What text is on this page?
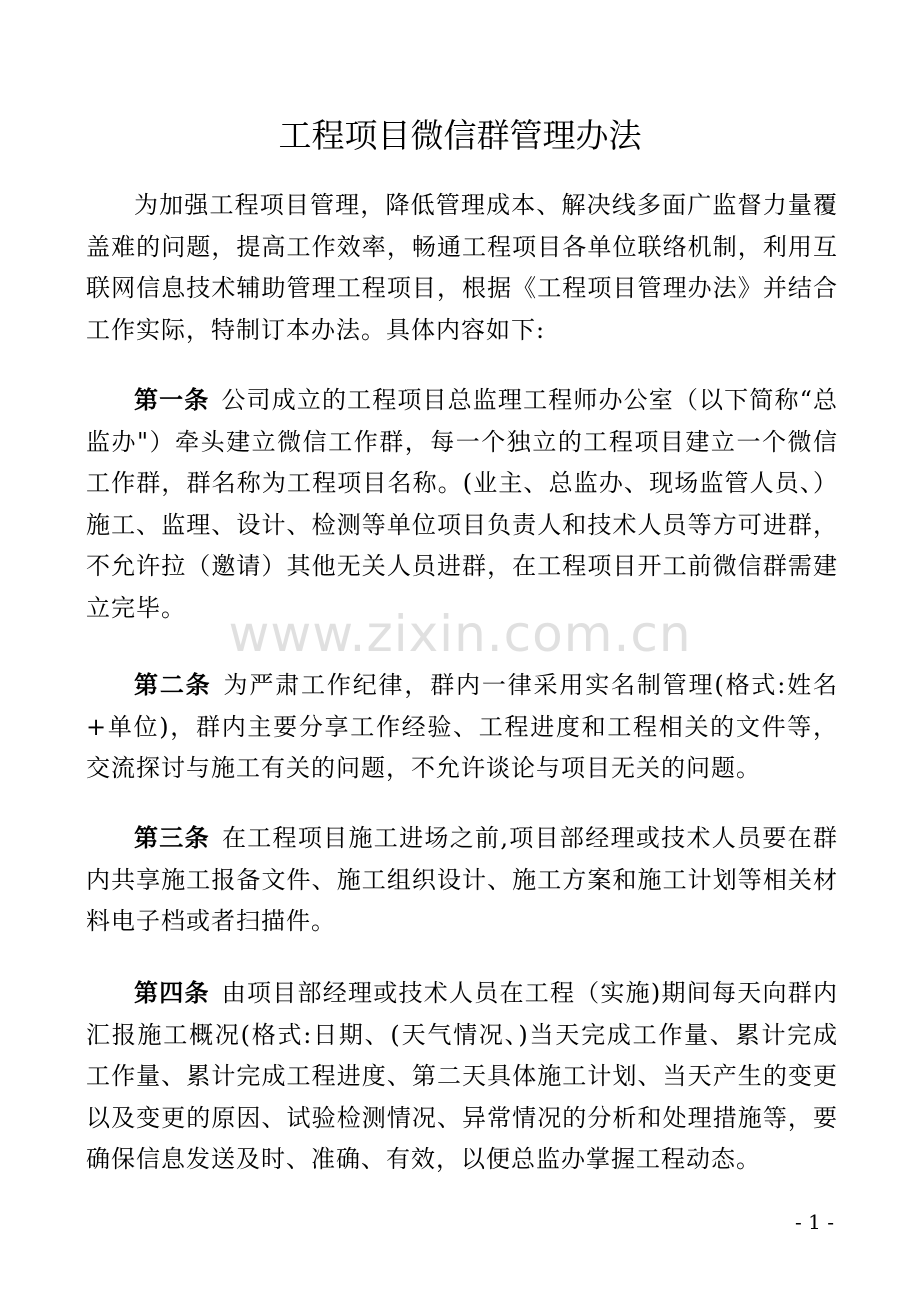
工程项目微信群管理办法

为加强工程项目管理，降低管理成本、解决线多面广监督力量覆盖难的问题，提高工作效率，畅通工程项目各单位联络机制，利用互联网信息技术辅助管理工程项目，根据《工程项目管理办法》并结合工作实际，特制订本办法。具体内容如下:

第一条 公司成立的工程项目总监理工程师办公室（以下简称“总监办"）牵头建立微信工作群，每一个独立的工程项目建立一个微信工作群，群名称为工程项目名称。(业主、总监办、现场监管人员、）施工、监理、设计、检测等单位项目负责人和技术人员等方可进群，不允许拉（邀请）其他无关人员进群，在工程项目开工前微信群需建立完毕。

第二条 为严肃工作纪律，群内一律采用实名制管理(格式:姓名+单位)，群内主要分享工作经验、工程进度和工程相关的文件等，交流探讨与施工有关的问题，不允许谈论与项目无关的问题。

第三条 在工程项目施工进场之前,项目部经理或技术人员要在群内共享施工报备文件、施工组织设计、施工方案和施工计划等相关材料电子档或者扫描件。

第四条 由项目部经理或技术人员在工程（实施)期间每天向群内汇报施工概况(格式:日期、(天气情况、)当天完成工作量、累计完成工作量、累计完成工程进度、第二天具体施工计划、当天产生的变更以及变更的原因、试验检测情况、异常情况的分析和处理措施等，要确保信息发送及时、准确、有效，以便总监办掌握工程动态。

www.zixin.com.cn
- 1 -
